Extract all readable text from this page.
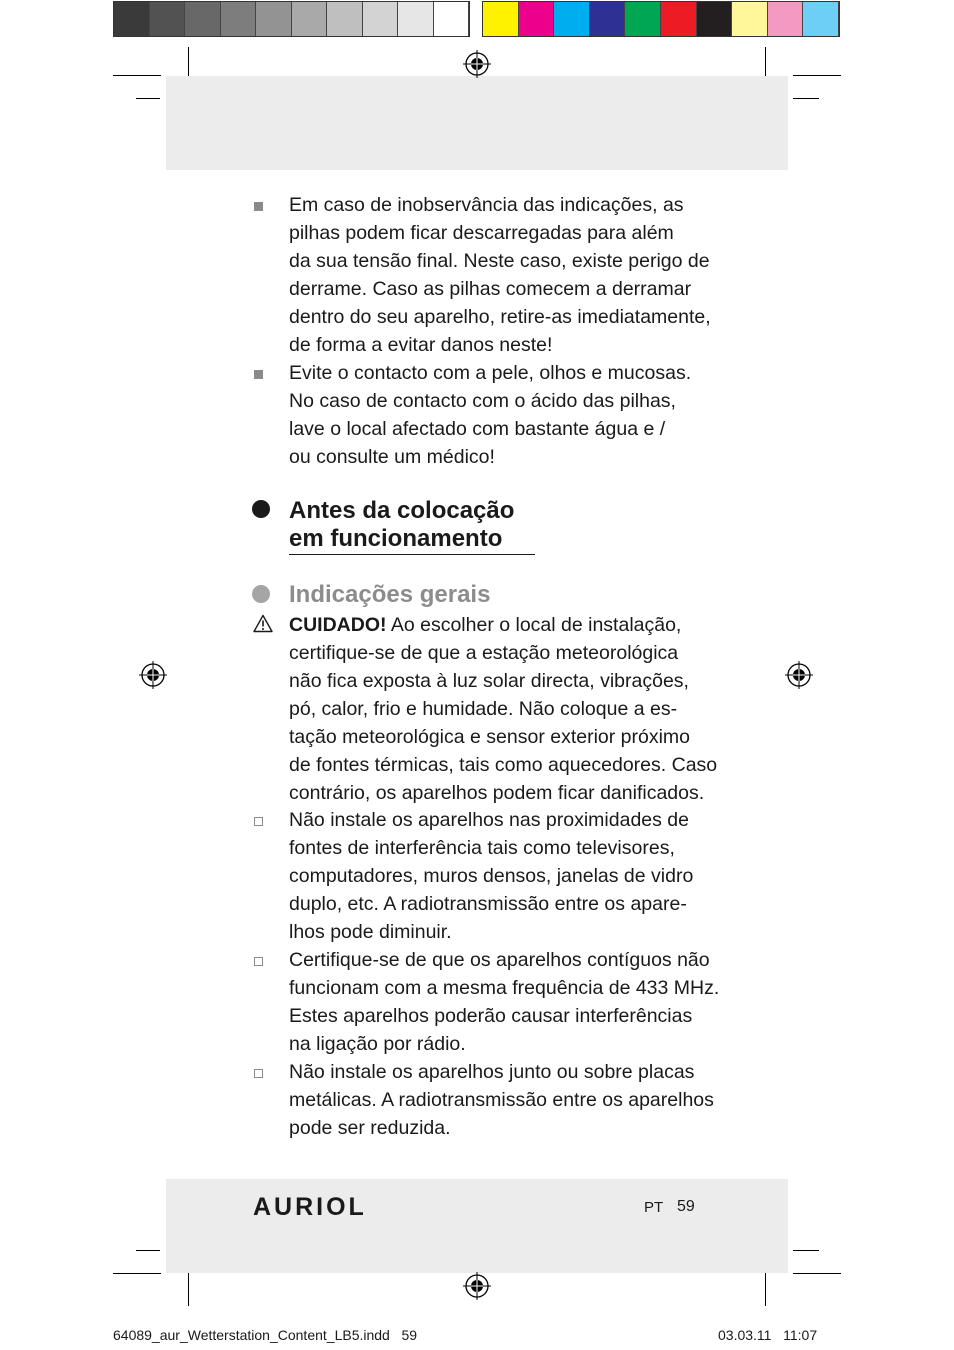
Em caso de inobservância das indicações, as
pilhas podem ficar descarregadas para além
da sua tensão final. Neste caso, existe perigo de
derrame. Caso as pilhas comecem a derramar
dentro do seu aparelho, retire-as imediatamente,
de forma a evitar danos neste!
Evite o contacto com a pele, olhos e mucosas.
No caso de contacto com o ácido das pilhas,
lave o local afectado com bastante água e /
ou consulte um médico!
Antes da colocação
em funcionamento
Indicações gerais
CUIDADO! Ao escolher o local de instalação,
certifique-se de que a estação meteorológica
não fica exposta à luz solar directa, vibrações,
pó, calor, frio e humidade. Não coloque a es-
tação meteorológica e sensor exterior próximo
de fontes térmicas, tais como aquecedores. Caso
contrário, os aparelhos podem ficar danificados.
Não instale os aparelhos nas proximidades de
fontes de interferência tais como televisores,
computadores, muros densos, janelas de vidro
duplo, etc. A radiotransmissão entre os apare-
lhos pode diminuir.
Certifique-se de que os aparelhos contíguos não
funcionam com a mesma frequência de 433 MHz.
Estes aparelhos poderão causar interferências
na ligação por rádio.
Não instale os aparelhos junto ou sobre placas
metálicas. A radiotransmissão entre os aparelhos
pode ser reduzida.
AURIOL	PT 59
64089_aur_Wetterstation_Content_LB5.indd   59	03.03.11   11:07
